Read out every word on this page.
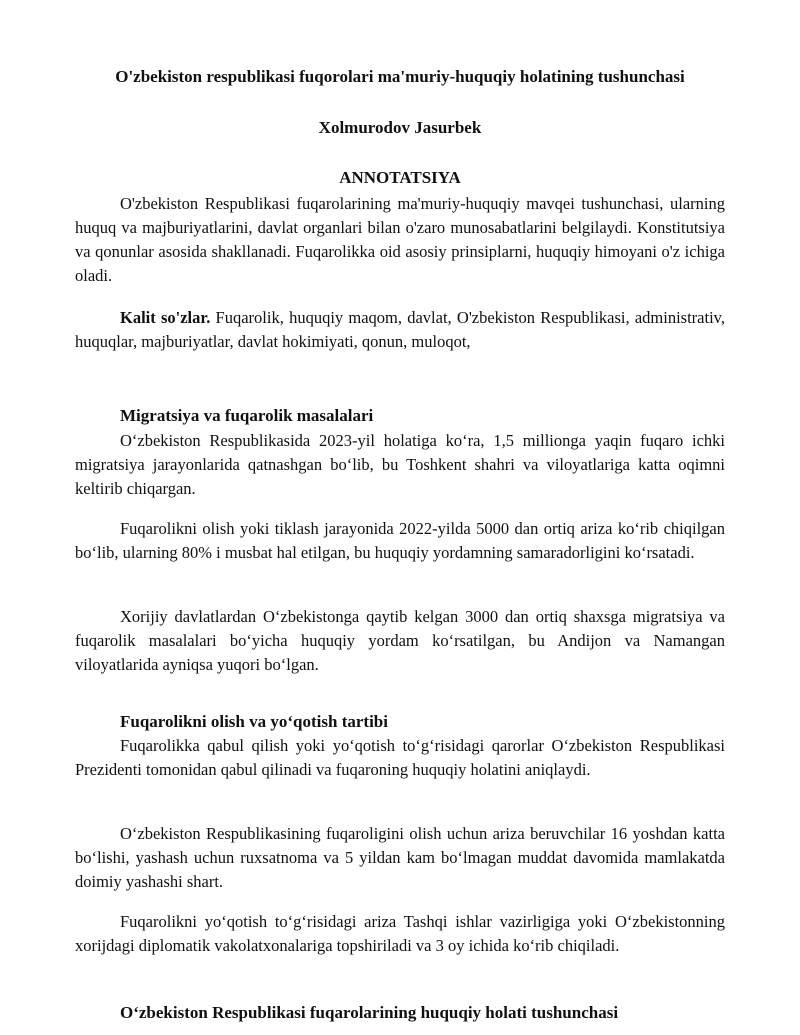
O'zbekiston respublikasi fuqorolari ma'muriy-huquqiy holatining tushunchasi
Xolmurodov Jasurbek
ANNOTATSIYA

O'zbekiston Respublikasi fuqarolarining ma'muriy-huquqiy mavqei tushunchasi, ularning huquq va majburiyatlarini, davlat organlari bilan o'zaro munosabatlarini belgilaydi. Konstitutsiya va qonunlar asosida shakllanadi. Fuqarolikka oid asosiy prinsiplarni, huquqiy himoyani o'z ichiga oladi.

Kalit so'zlar. Fuqarolik, huquqiy maqom, davlat, O'zbekiston Respublikasi, administrativ, huquqlar, majburiyatlar, davlat hokimiyati, qonun, muloqot,

Migratsiya va fuqarolik masalalari

O‘zbekiston Respublikasida 2023-yil holatiga ko‘ra, 1,5 millionga yaqin fuqaro ichki migratsiya jarayonlarida qatnashgan bo‘lib, bu Toshkent shahri va viloyatlariga katta oqimni keltirib chiqargan.

Fuqarolikni olish yoki tiklash jarayonida 2022-yilda 5000 dan ortiq ariza ko‘rib chiqilgan bo‘lib, ularning 80% i musbat hal etilgan, bu huquqiy yordamning samaradorligini ko‘rsatadi.

Xorijiy davlatlardan O‘zbekistonga qaytib kelgan 3000 dan ortiq shaxsga migratsiya va fuqarolik masalalari bo‘yicha huquqiy yordam ko‘rsatilgan, bu Andijon va Namangan viloyatlarida ayniqsa yuqori bo‘lgan.

Fuqarolikni olish va yo‘qotish tartibi

Fuqarolikka qabul qilish yoki yo‘qotish to‘g‘risidagi qarorlar O‘zbekiston Respublikasi Prezidenti tomonidan qabul qilinadi va fuqaroning huquqiy holatini aniqlaydi.

O‘zbekiston Respublikasining fuqaroligini olish uchun ariza beruvchilar 16 yoshdan katta bo‘lishi, yashash uchun ruxsatnoma va 5 yildan kam bo‘lmagan muddat davomida mamlakatda doimiy yashashi shart.

Fuqarolikni yo‘qotish to‘g‘risidagi ariza Tashqi ishlar vazirligiga yoki O‘zbekistonning xorijdagi diplomatik vakolatxonalariga topshiriladi va 3 oy ichida ko‘rib chiqiladi.

O‘zbekiston Respublikasi fuqarolarining huquqiy holati tushunchasi
